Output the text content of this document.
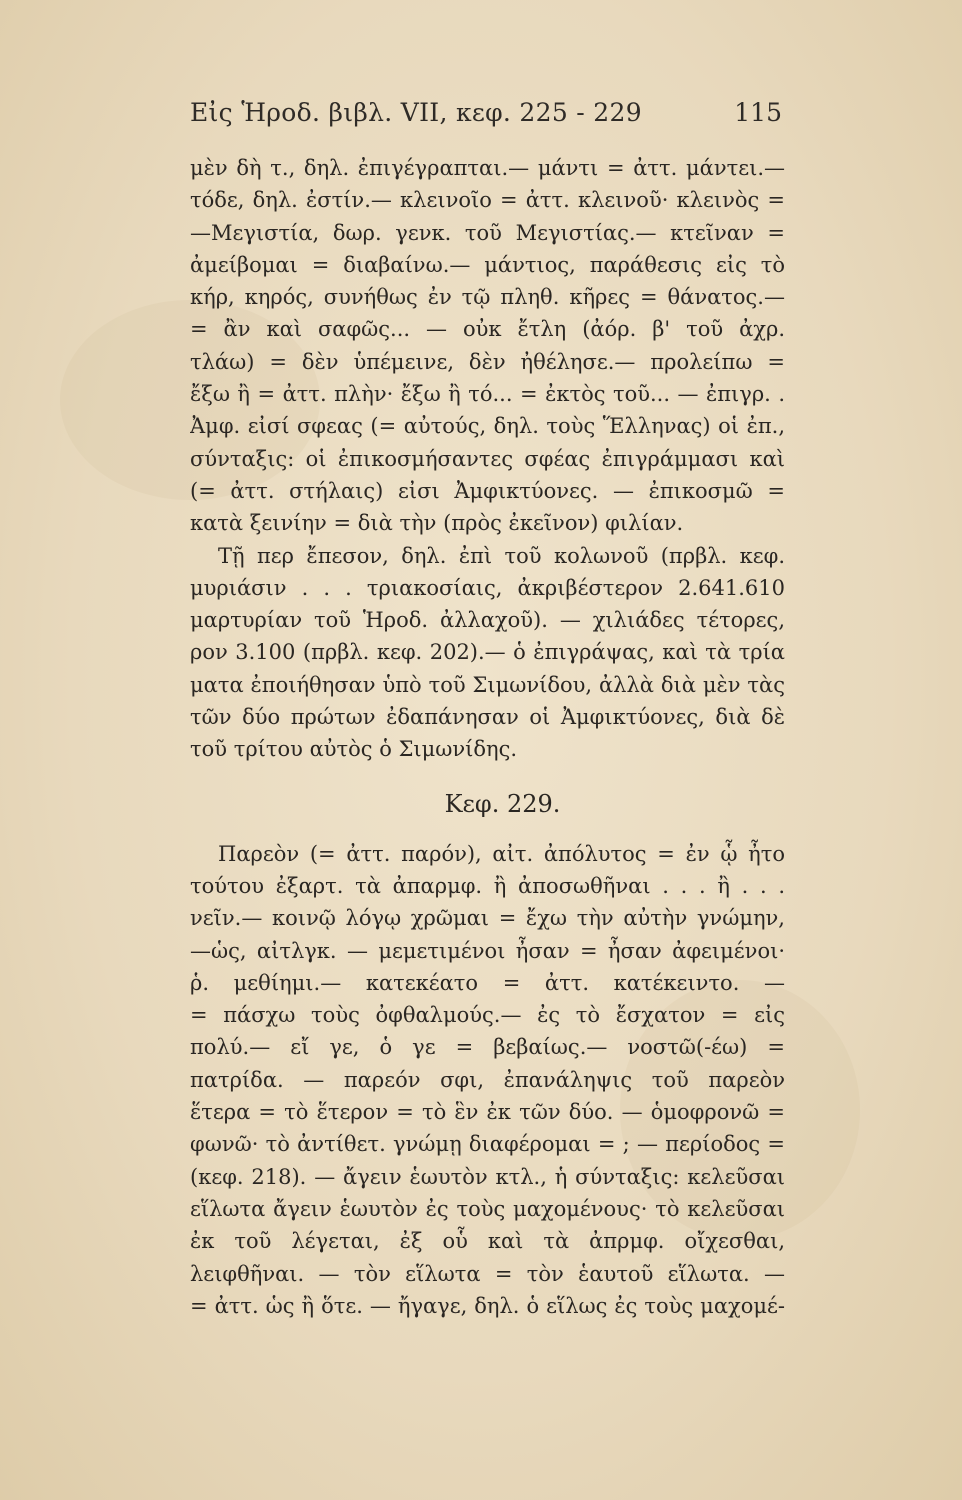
Εἰς Ἡροδ. βιβλ. VII, κεφ. 225 - 229	115
μὲν δὴ τ., δηλ. ἐπιγέγραπται.— μάντι = ἀττ. μάντει.—
τόδε, δηλ. ἐστίν.— κλεινοῖο = ἀττ. κλεινοῦ· κλεινὸς =
—Μεγιστία, δωρ. γενκ. τοῦ Μεγιστίας.— κτεῖναν =
ἀμείβομαι = διαβαίνω.— μάντιος, παράθεσις εἰς τὸ
κήρ, κηρός, συνήθως ἐν τῷ πληθ. κῆρες = θάνατος.—
= ἂν καὶ σαφῶς... — οὐκ ἔτλη (ἀόρ. β' τοῦ ἀχρ.
τλάω) = δὲν ὑπέμεινε, δὲν ἠθέλησε.— προλείπω =
ἔξω ἢ = ἀττ. πλὴν· ἔξω ἢ τό... = ἐκτὸς τοῦ... — ἐπιγρ. .
Ἀμφ. εἰσί σφεας (= αὐτούς, δηλ. τοὺς Ἕλληνας) οἱ ἐπ.,
σύνταξις: οἱ ἐπικοσμήσαντες σφέας ἐπιγράμμασι καὶ
(= ἀττ. στήλαις) εἰσι Ἀμφικτύονες. — ἐπικοσμῶ =
κατὰ ξεινίην = διὰ τὴν (πρὸς ἐκεῖνον) φιλίαν.
Τῇ περ ἔπεσον, δηλ. ἐπὶ τοῦ κολωνοῦ (πρβλ. κεφ.
μυριάσιν . . . τριακοσίαις, ἀκριβέστερον 2.641.610
μαρτυρίαν τοῦ Ἡροδ. ἀλλαχοῦ). — χιλιάδες τέτορες,
ρον 3.100 (πρβλ. κεφ. 202).— ὁ ἐπιγράψας, καὶ τὰ τρία
ματα ἐποιήθησαν ὑπὸ τοῦ Σιμωνίδου, ἀλλὰ διὰ μὲν τὰς
τῶν δύο πρώτων ἐδαπάνησαν οἱ Ἀμφικτύονες, διὰ δὲ
τοῦ τρίτου αὐτὸς ὁ Σιμωνίδης.
Κεφ. 229.
Παρεὸν (= ἀττ. παρόν), αἰτ. ἀπόλυτος = ἐν ᾧ ἦτο
τούτου ἐξαρτ. τὰ ἀπαρμφ. ἢ ἀποσωθῆναι . . . ἢ . . .
νεῖν.— κοινῷ λόγῳ χρῶμαι = ἔχω τὴν αὐτὴν γνώμην,
—ὡς, αἰτλγκ. — μεμετιμένοι ἦσαν = ἦσαν ἀφειμένοι·
ῥ. μεθίημι.— κατεκέατο = ἀττ. κατέκειντο. —
= πάσχω τοὺς ὀφθαλμούς.— ἐς τὸ ἔσχατον = εἰς
πολύ.— εἴ γε, ὁ γε = βεβαίως.— νοστῶ(-έω) =
πατρίδα. — παρεόν σφι, ἐπανάληψις τοῦ παρεὸν
ἕτερα = τὸ ἕτερον = τὸ ἓν ἐκ τῶν δύο. — ὁμοφρονῶ =
φωνῶ· τὸ ἀντίθετ. γνώμῃ διαφέρομαι = ; — περίοδος =
(κεφ. 218). — ἄγειν ἑωυτὸν κτλ., ἡ σύνταξις: κελεῦσαι
εἵλωτα ἄγειν ἑωυτὸν ἐς τοὺς μαχομένους· τὸ κελεῦσαι
ἐκ τοῦ λέγεται, ἐξ οὗ καὶ τὰ ἀπρμφ. οἴχεσθαι,
λειφθῆναι. — τὸν εἵλωτα = τὸν ἑαυτοῦ εἵλωτα. —
= ἀττ. ὡς ἢ ὅτε. — ἤγαγε, δηλ. ὁ εἵλως ἐς τοὺς μαχομέ-
